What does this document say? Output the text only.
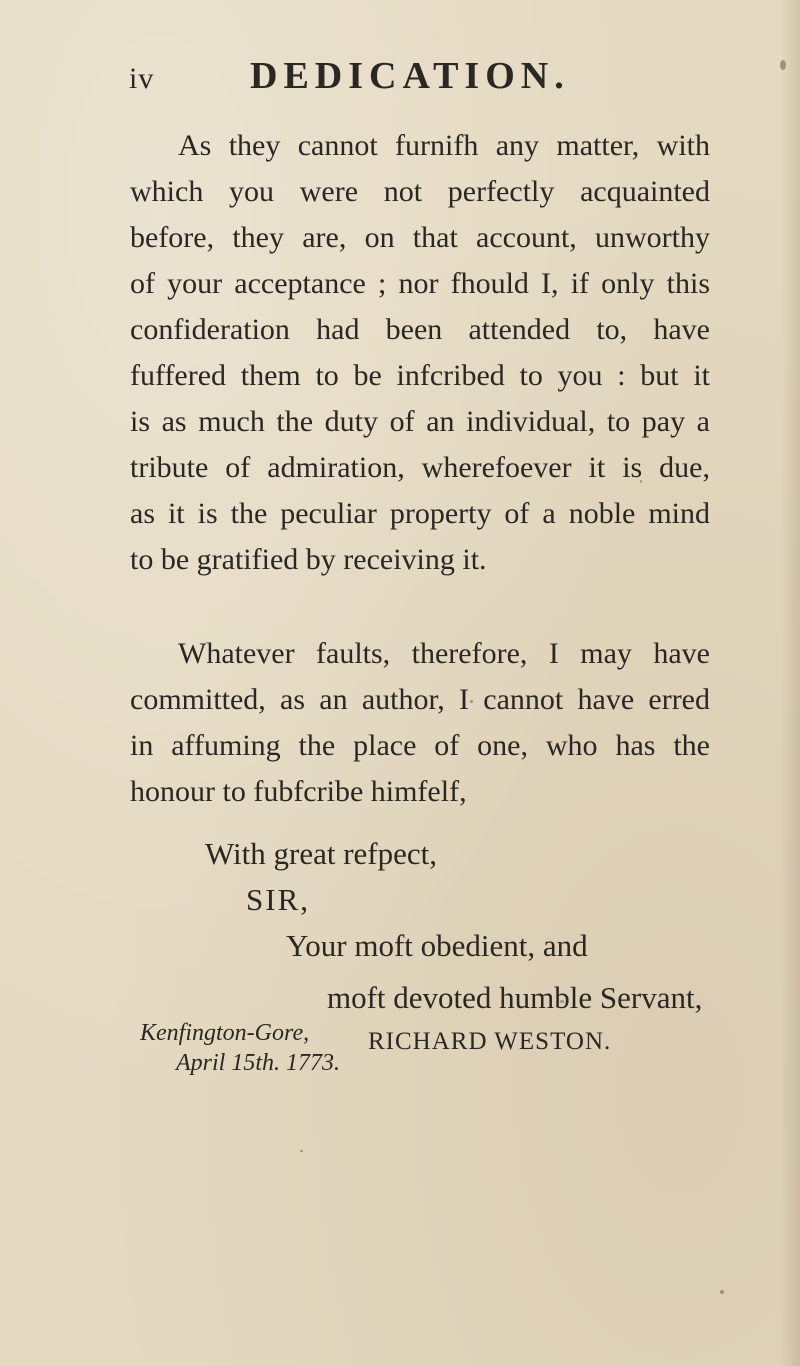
iv	DEDICATION.
As they cannot furnifh any matter, with
which you were not perfectly acquainted
before, they are, on that account, unworthy
of your acceptance ; nor fhould I, if only this
confideration had been attended to, have
fuffered them to be infcribed to you : but it
is as much the duty of an individual, to pay a
tribute of admiration, wherefoever it is due,
as it is the peculiar property of a noble mind
to be gratified by receiving it.
Whatever faults, therefore, I may have
committed, as an author, I cannot have erred
in affuming the place of one, who has the
honour to fubfcribe himfelf,
With great refpect,
SIR,
Your moft obedient, and
moft devoted humble Servant,
Kenfington-Gore,
April 15th. 1773.
RICHARD WESTON.
